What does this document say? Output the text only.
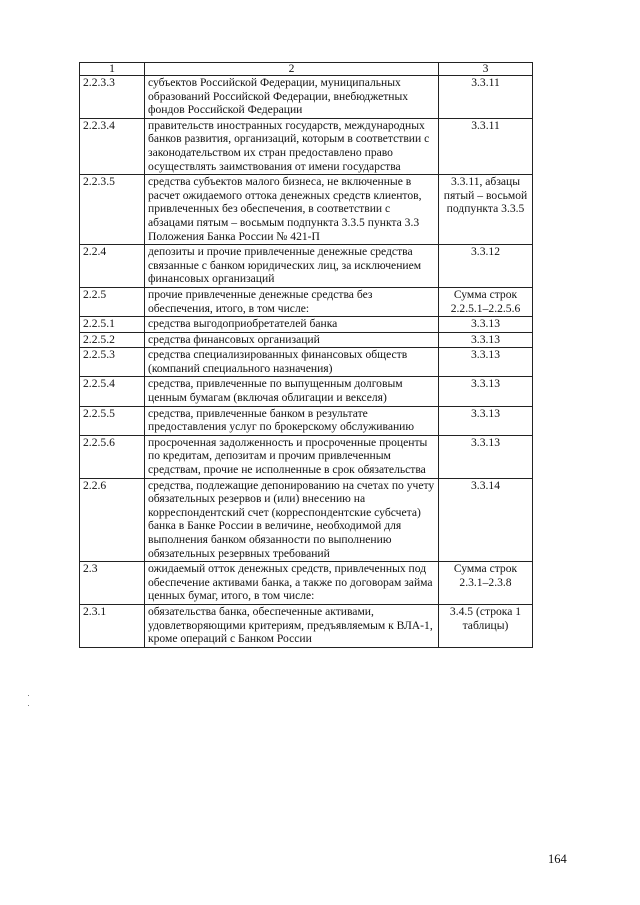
1	2	3
2.2.3.3	субъектов Российской Федерации, муниципальных образований Российской Федерации, внебюджетных фондов Российской Федерации	3.3.11
2.2.3.4	правительств иностранных государств, международных банков развития, организаций, которым в соответствии с законодательством их стран предоставлено право осуществлять заимствования от имени государства	3.3.11
2.2.3.5	средства субъектов малого бизнеса, не включенные в расчет ожидаемого оттока денежных средств клиентов, привлеченных без обеспечения, в соответствии с абзацами пятым – восьмым подпункта 3.3.5 пункта 3.3 Положения Банка России № 421-П	3.3.11, абзацы пятый – восьмой подпункта 3.3.5
2.2.4	депозиты и прочие привлеченные денежные средства связанные с банком юридических лиц, за исключением финансовых организаций	3.3.12
2.2.5	прочие привлеченные денежные средства без обеспечения, итого, в том числе:	Сумма строк 2.2.5.1–2.2.5.6
2.2.5.1	средства выгодоприобретателей банка	3.3.13
2.2.5.2	средства финансовых организаций	3.3.13
2.2.5.3	средства специализированных финансовых обществ (компаний специального назначения)	3.3.13
2.2.5.4	средства, привлеченные по выпущенным долговым ценным бумагам (включая облигации и векселя)	3.3.13
2.2.5.5	средства, привлеченные банком в результате предоставления услуг по брокерскому обслуживанию	3.3.13
2.2.5.6	просроченная задолженность и просроченные проценты по кредитам, депозитам и прочим привлеченным средствам, прочие не исполненные в срок обязательства	3.3.13
2.2.6	средства, подлежащие депонированию на счетах по учету обязательных резервов и (или) внесению на корреспондентский счет (корреспондентские субсчета) банка в Банке России в величине, необходимой для выполнения банком обязанности по выполнению обязательных резервных требований	3.3.14
2.3	ожидаемый отток денежных средств, привлеченных под обеспечение активами банка, а также по договорам займа ценных бумаг, итого, в том числе:	Сумма строк 2.3.1–2.3.8
2.3.1	обязательства банка, обеспеченные активами, удовлетворяющими критериям, предъявляемым к ВЛА-1, кроме операций с Банком России	3.4.5 (строка 1 таблицы)
164
